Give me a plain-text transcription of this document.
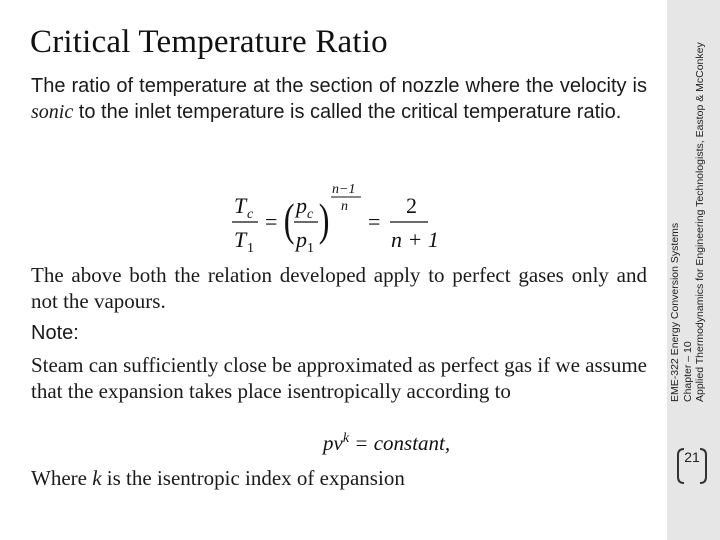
Critical Temperature Ratio

The ratio of temperature at the section of nozzle where the velocity is sonic to the inlet temperature is called the critical temperature ratio.

T c
T 1
= ( p c
p 1
)
n−1
n
=
2
n + 1

The above both the relation developed apply to perfect gases only and not the vapours.

Note:

Steam can sufficiently close be approximated as perfect gas if we assume that the expansion takes place isentropically according to

$pv^k$ = constant,

Where k is the isentropic index of expansion

EME-322 Energy Conversion Systems Chapter – 10 Applied Thermodynamics for Engineering Technologists, Eastop & McConkey
21
